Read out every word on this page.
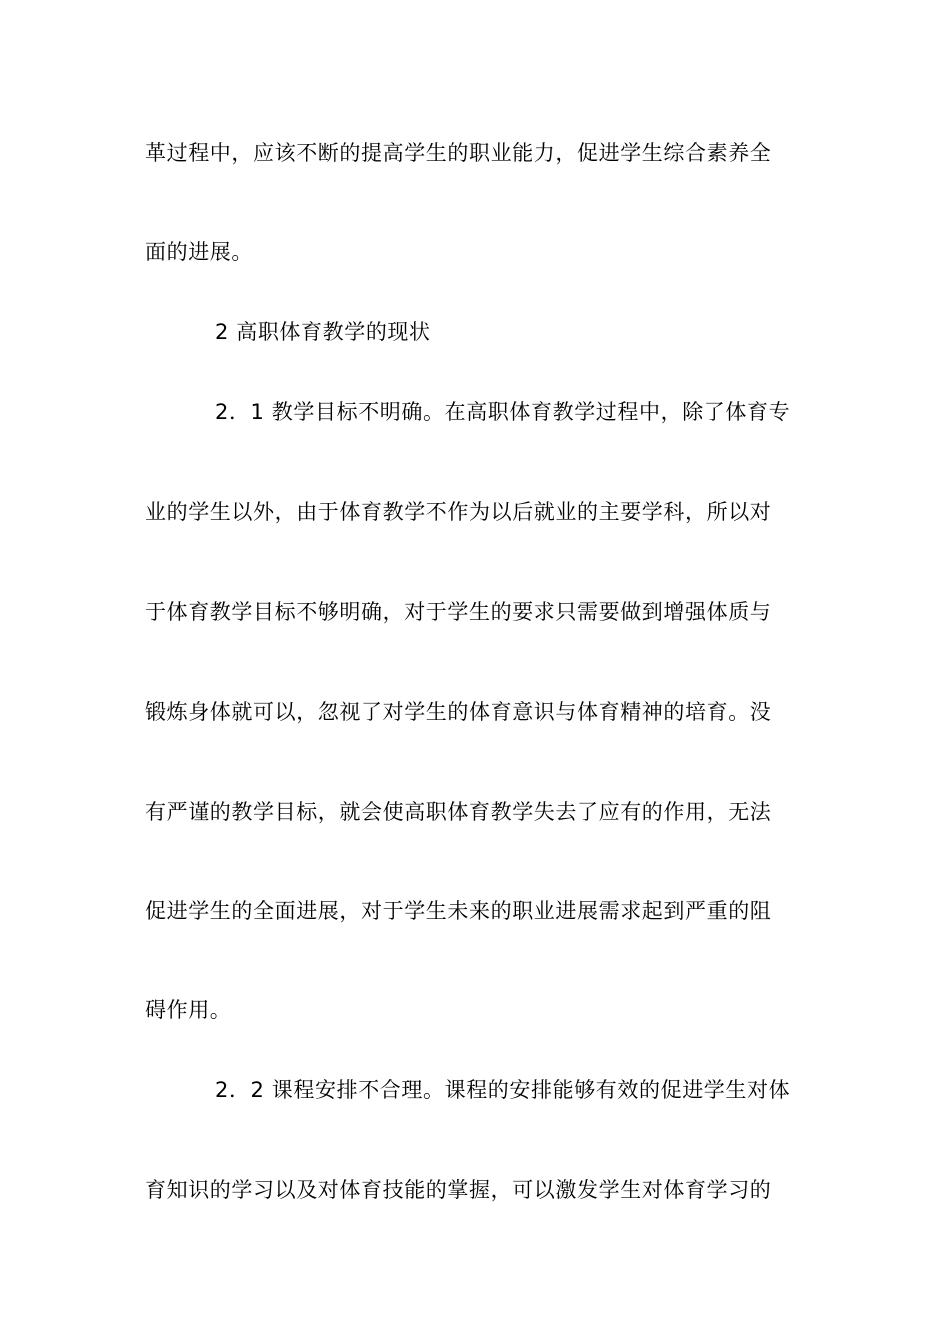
革过程中，应该不断的提高学生的职业能力，促进学生综合素养全
面的进展。
2 高职体育教学的现状
2．1 教学目标不明确。在高职体育教学过程中，除了体育专
业的学生以外，由于体育教学不作为以后就业的主要学科，所以对
于体育教学目标不够明确，对于学生的要求只需要做到增强体质与
锻炼身体就可以，忽视了对学生的体育意识与体育精神的培育。没
有严谨的教学目标，就会使高职体育教学失去了应有的作用，无法
促进学生的全面进展，对于学生未来的职业进展需求起到严重的阻
碍作用。
2．2 课程安排不合理。课程的安排能够有效的促进学生对体
育知识的学习以及对体育技能的掌握，可以激发学生对体育学习的
